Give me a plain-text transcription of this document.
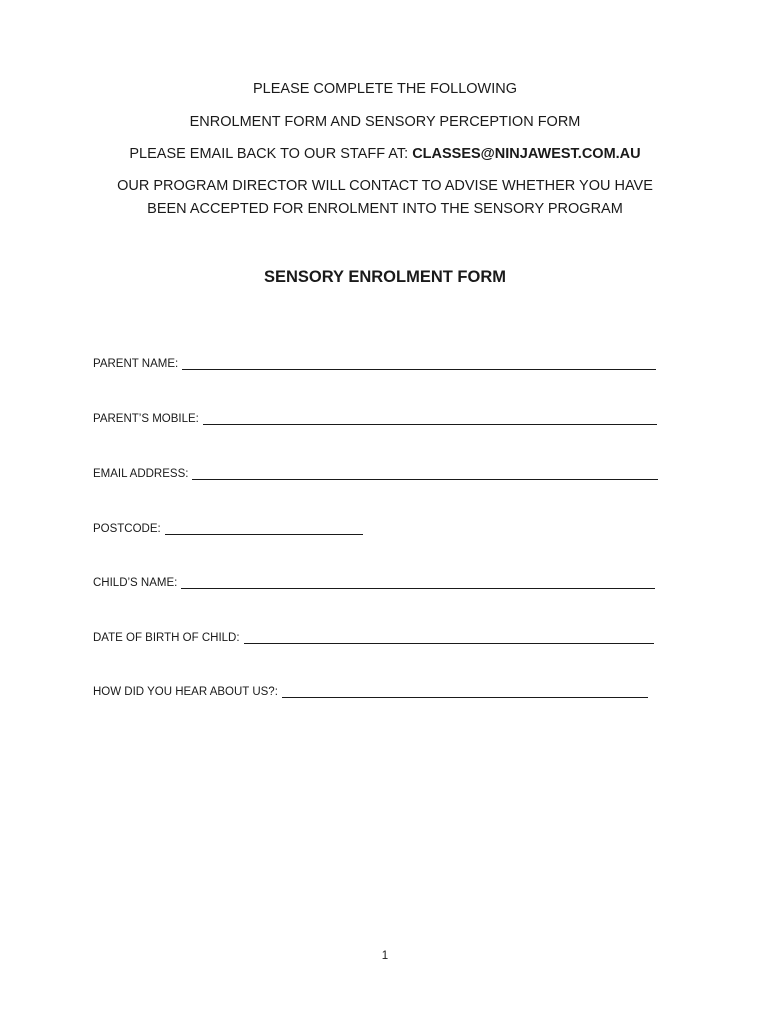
PLEASE COMPLETE THE FOLLOWING
ENROLMENT FORM AND SENSORY PERCEPTION FORM
PLEASE EMAIL BACK TO OUR STAFF AT: CLASSES@NINJAWEST.COM.AU
OUR PROGRAM DIRECTOR WILL CONTACT TO ADVISE WHETHER YOU HAVE
BEEN ACCEPTED FOR ENROLMENT INTO THE SENSORY PROGRAM
SENSORY ENROLMENT FORM
PARENT NAME:
PARENT’S MOBILE:
EMAIL ADDRESS:
POSTCODE:
CHILD’S NAME:
DATE OF BIRTH OF CHILD:
HOW DID YOU HEAR ABOUT US?:
1
